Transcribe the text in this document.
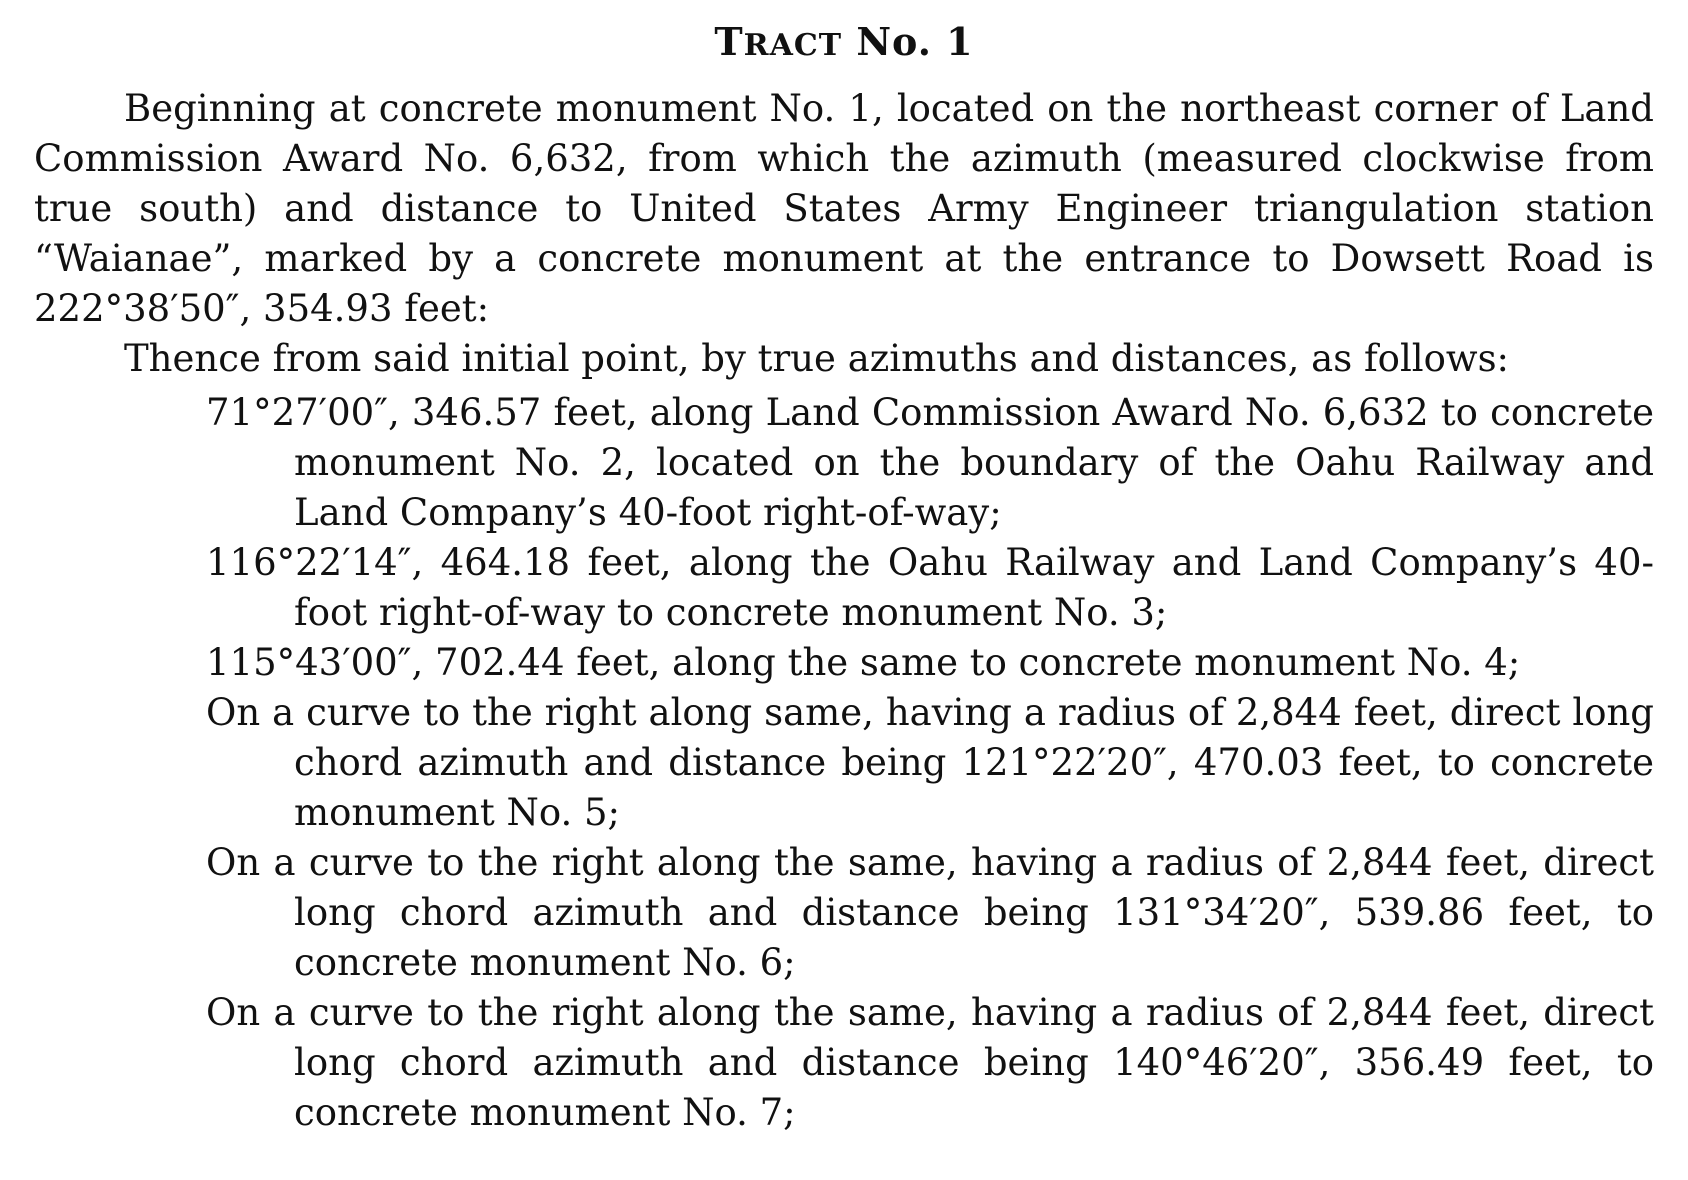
TRACT No. 1

Beginning at concrete monument No. 1, located on the northeast corner of Land Commission Award No. 6,632, from which the azimuth (measured clockwise from true south) and distance to United States Army Engineer triangulation station “Waianae”, marked by a concrete monument at the entrance to Dowsett Road is 222°38′50″, 354.93 feet:

Thence from said initial point, by true azimuths and distances, as follows:

71°27′00″, 346.57 feet, along Land Commission Award No. 6,632 to concrete monument No. 2, located on the boundary of the Oahu Railway and Land Company’s 40-foot right-of-way;
116°22′14″, 464.18 feet, along the Oahu Railway and Land Company’s 40-foot right-of-way to concrete monument No. 3;
115°43′00″, 702.44 feet, along the same to concrete monument No. 4;
On a curve to the right along same, having a radius of 2,844 feet, direct long chord azimuth and distance being 121°22′20″, 470.03 feet, to concrete monument No. 5;
On a curve to the right along the same, having a radius of 2,844 feet, direct long chord azimuth and distance being 131°34′20″, 539.86 feet, to concrete monument No. 6;
On a curve to the right along the same, having a radius of 2,844 feet, direct long chord azimuth and distance being 140°46′20″, 356.49 feet, to concrete monument No. 7;
